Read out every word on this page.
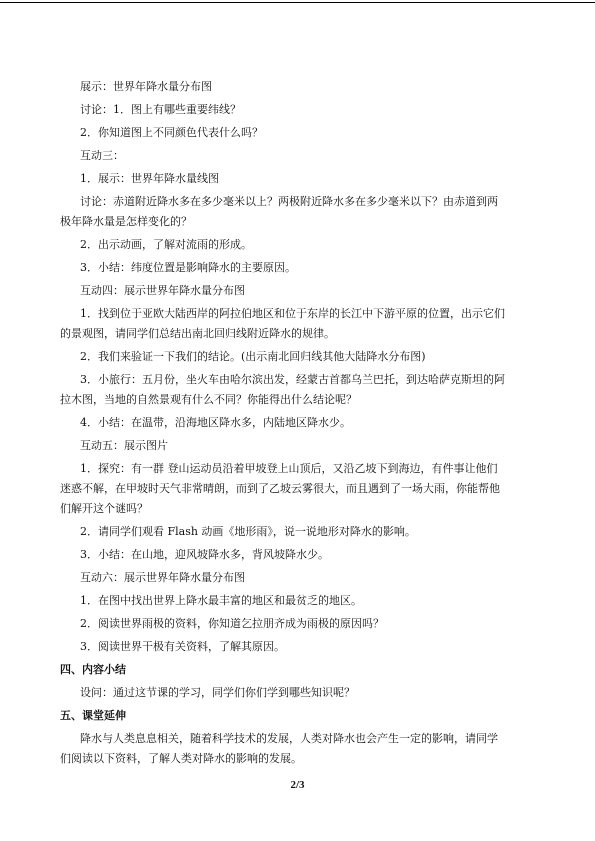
展示：世界年降水量分布图
讨论：1．图上有哪些重要纬线？
2．你知道图上不同颜色代表什么吗？
互动三：
1．展示：世界年降水量线图
讨论：赤道附近降水多在多少毫米以上？两极附近降水多在多少毫米以下？由赤道到两
极年降水量是怎样变化的？
2．出示动画，了解对流雨的形成。
3．小结：纬度位置是影响降水的主要原因。
互动四：展示世界年降水量分布图
1．找到位于亚欧大陆西岸的阿拉伯地区和位于东岸的长江中下游平原的位置，出示它们
的景观图，请同学们总结出南北回归线附近降水的规律。
2．我们来验证一下我们的结论。(出示南北回归线其他大陆降水分布图)
3．小旅行：五月份，坐火车由哈尔滨出发，经蒙古首都乌兰巴托，到达哈萨克斯坦的阿
拉木图，当地的自然景观有什么不同？你能得出什么结论呢？
4．小结：在温带，沿海地区降水多，内陆地区降水少。
互动五：展示图片
1．探究：有一群 登山运动员沿着甲坡登上山顶后，又沿乙坡下到海边，有件事让他们
迷惑不解，在甲坡时天气非常晴朗，而到了乙坡云雾很大，而且遇到了一场大雨，你能帮他
们解开这个谜吗？
2．请同学们观看 Flash 动画《地形雨》，说一说地形对降水的影响。
3．小结：在山地，迎风坡降水多，背风坡降水少。
互动六：展示世界年降水量分布图
1．在图中找出世界上降水最丰富的地区和最贫乏的地区。
2．阅读世界雨极的资料，你知道乞拉朋齐成为雨极的原因吗？
3．阅读世界干极有关资料，了解其原因。
四、内容小结
设问：通过这节课的学习，同学们你们学到哪些知识呢？
五、课堂延伸
降水与人类息息相关，随着科学技术的发展，人类对降水也会产生一定的影响，请同学
们阅读以下资料，了解人类对降水的影响的发展。
2/3
